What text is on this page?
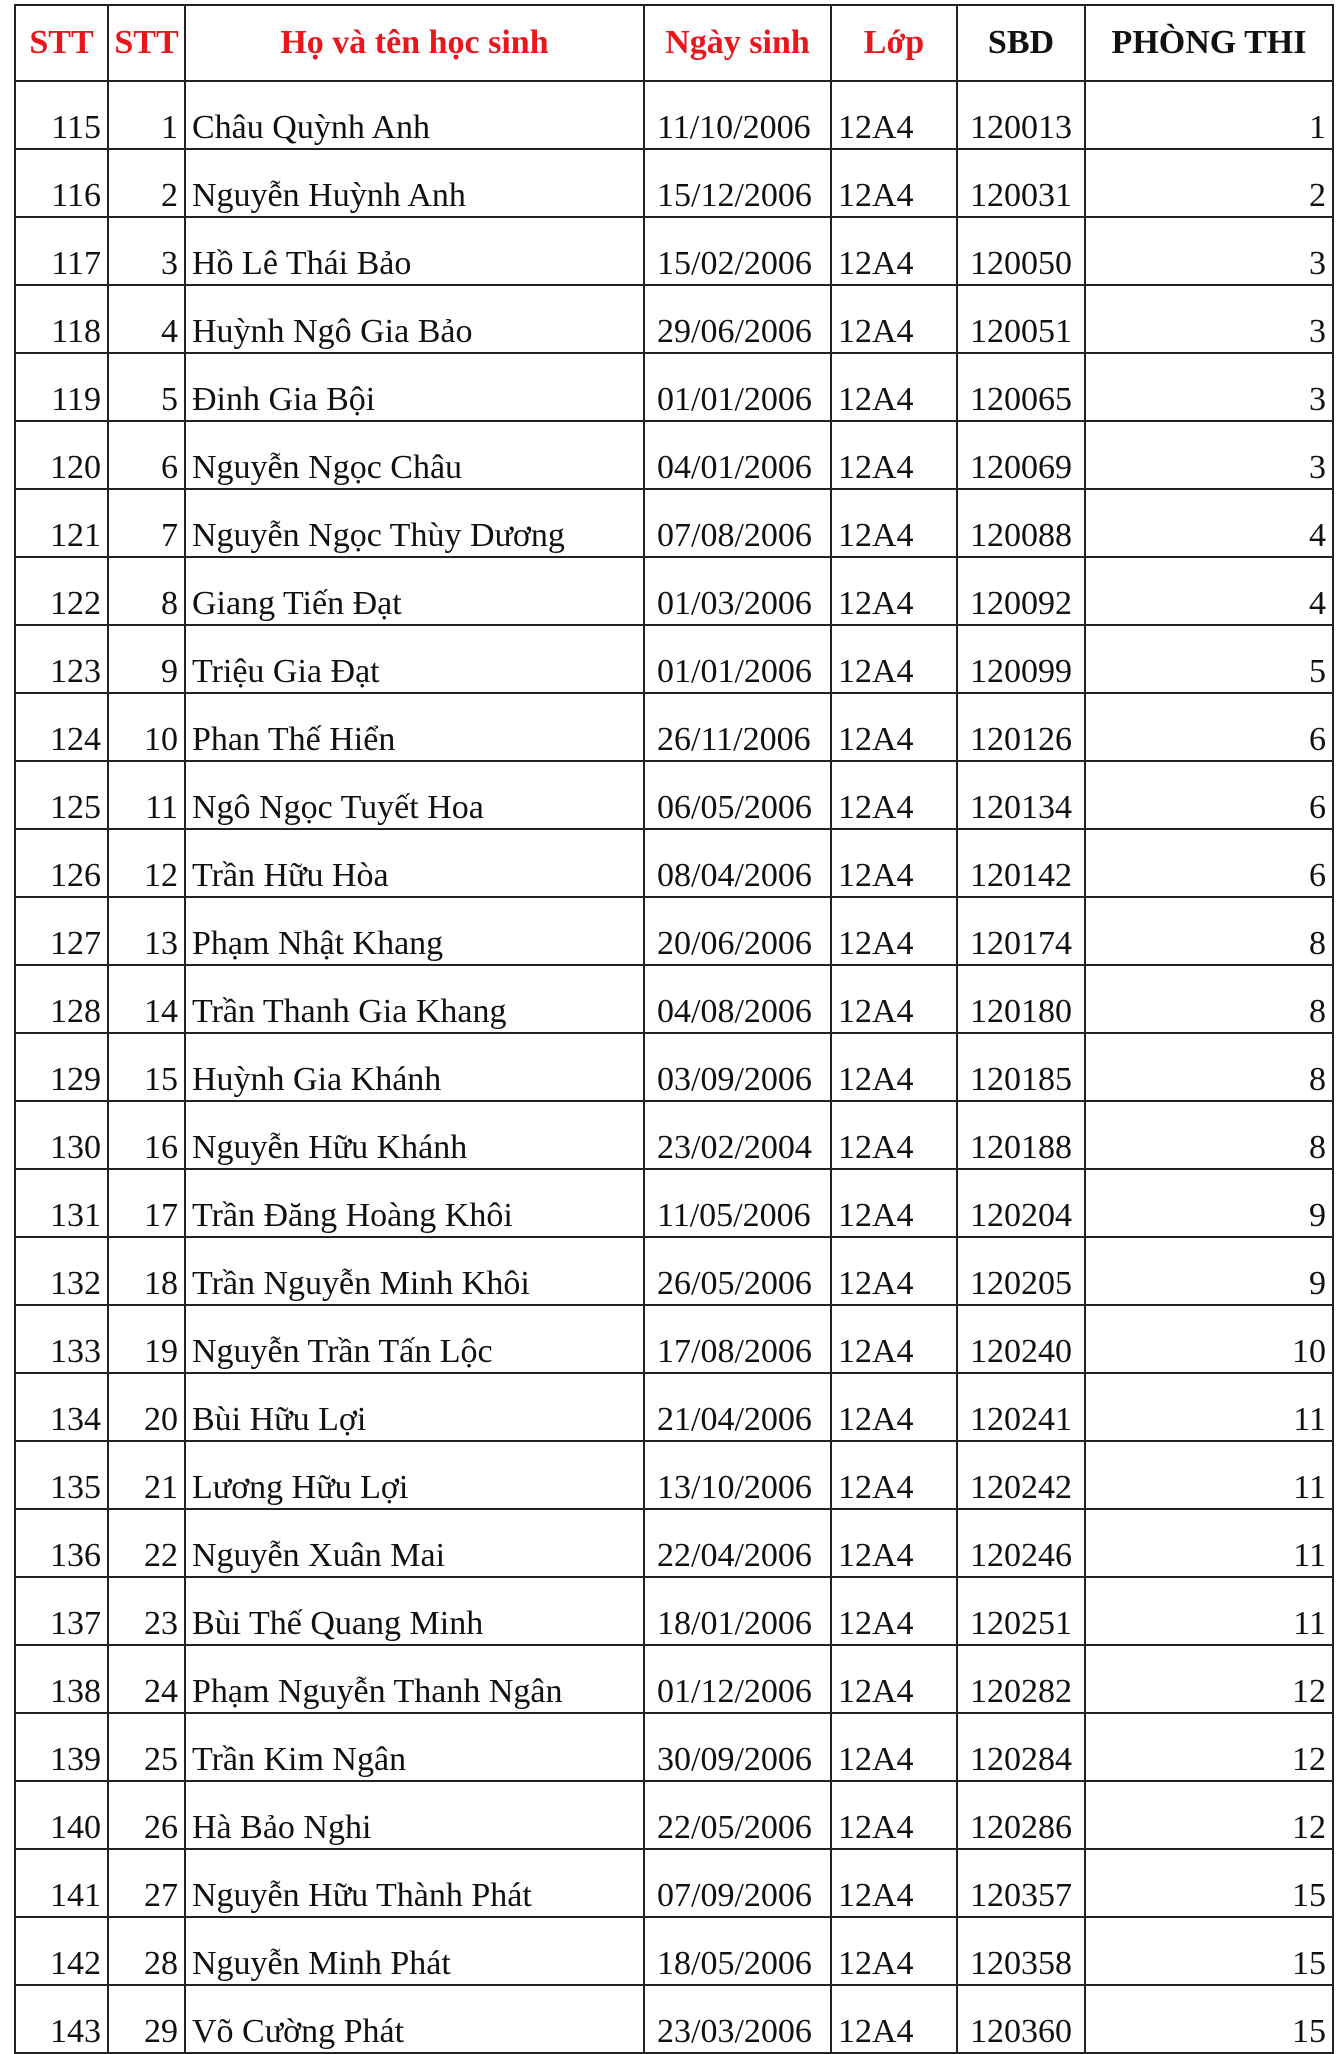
STT	STT	Họ và tên học sinh	Ngày sinh	Lớp	SBD	PHÒNG THI
115	1	Châu Quỳnh Anh	11/10/2006	12A4	120013	1
116	2	Nguyễn Huỳnh Anh	15/12/2006	12A4	120031	2
117	3	Hồ Lê Thái Bảo	15/02/2006	12A4	120050	3
118	4	Huỳnh Ngô Gia Bảo	29/06/2006	12A4	120051	3
119	5	Đinh Gia Bội	01/01/2006	12A4	120065	3
120	6	Nguyễn Ngọc Châu	04/01/2006	12A4	120069	3
121	7	Nguyễn Ngọc Thùy Dương	07/08/2006	12A4	120088	4
122	8	Giang Tiến Đạt	01/03/2006	12A4	120092	4
123	9	Triệu Gia Đạt	01/01/2006	12A4	120099	5
124	10	Phan Thế Hiển	26/11/2006	12A4	120126	6
125	11	Ngô Ngọc Tuyết Hoa	06/05/2006	12A4	120134	6
126	12	Trần Hữu Hòa	08/04/2006	12A4	120142	6
127	13	Phạm Nhật Khang	20/06/2006	12A4	120174	8
128	14	Trần Thanh Gia Khang	04/08/2006	12A4	120180	8
129	15	Huỳnh Gia Khánh	03/09/2006	12A4	120185	8
130	16	Nguyễn Hữu Khánh	23/02/2004	12A4	120188	8
131	17	Trần Đăng Hoàng Khôi	11/05/2006	12A4	120204	9
132	18	Trần Nguyễn Minh Khôi	26/05/2006	12A4	120205	9
133	19	Nguyễn Trần Tấn Lộc	17/08/2006	12A4	120240	10
134	20	Bùi Hữu Lợi	21/04/2006	12A4	120241	11
135	21	Lương Hữu Lợi	13/10/2006	12A4	120242	11
136	22	Nguyễn Xuân Mai	22/04/2006	12A4	120246	11
137	23	Bùi Thế Quang Minh	18/01/2006	12A4	120251	11
138	24	Phạm Nguyễn Thanh Ngân	01/12/2006	12A4	120282	12
139	25	Trần Kim Ngân	30/09/2006	12A4	120284	12
140	26	Hà Bảo Nghi	22/05/2006	12A4	120286	12
141	27	Nguyễn Hữu Thành Phát	07/09/2006	12A4	120357	15
142	28	Nguyễn Minh Phát	18/05/2006	12A4	120358	15
143	29	Võ Cường Phát	23/03/2006	12A4	120360	15
